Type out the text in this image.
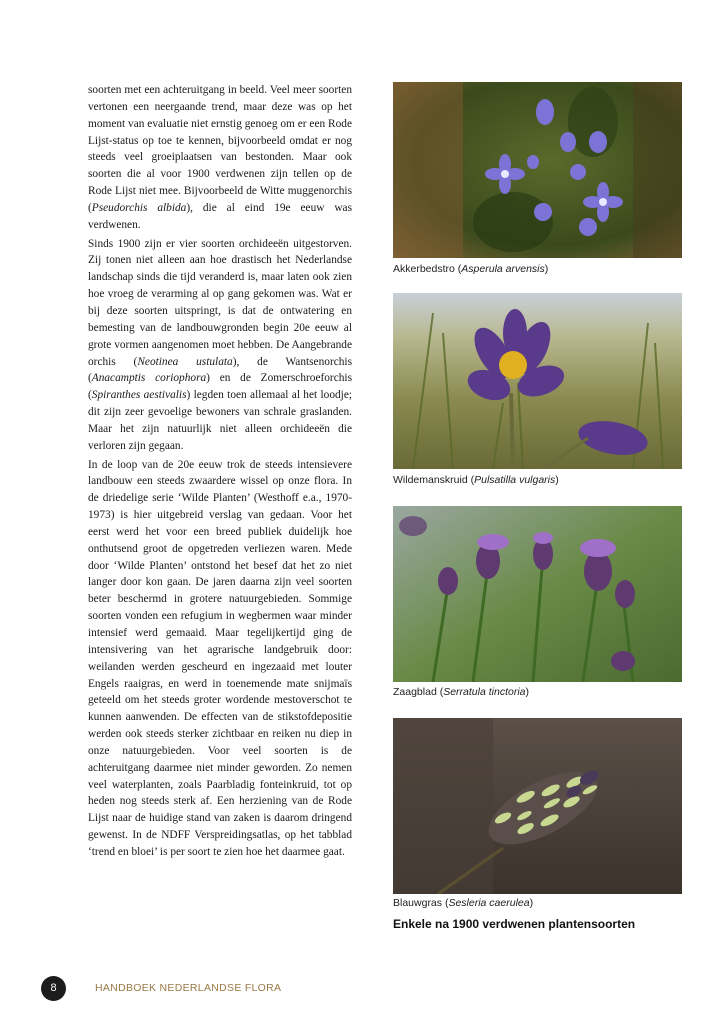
soorten met een achteruitgang in beeld. Veel meer soorten vertonen een neergaande trend, maar deze was op het moment van evaluatie niet ernstig genoeg om er een Rode Lijst-status op toe te kennen, bijvoorbeeld omdat er nog steeds veel groeiplaatsen van bestonden. Maar ook soorten die al voor 1900 verdwenen zijn tellen op de Rode Lijst niet mee. Bijvoorbeeld de Witte muggenorchis (Pseudorchis albida), die al eind 19e eeuw was verdwenen.

Sinds 1900 zijn er vier soorten orchideeën uitgestorven. Zij tonen niet alleen aan hoe drastisch het Nederlandse landschap sinds die tijd veranderd is, maar laten ook zien hoe vroeg de verarming al op gang gekomen was. Wat er bij deze soorten uitspringt, is dat de ontwatering en bemesting van de landbouwgronden begin 20e eeuw al grote vormen aangenomen moet hebben. De Aangebrande orchis (Neotinea ustulata), de Wantsenorchis (Anacamptis coriophora) en de Zomerschroeforchis (Spiranthes aestivalis) legden toen allemaal al het loodje; dit zijn zeer gevoelige bewoners van schrale graslanden. Maar het zijn natuurlijk niet alleen orchideeën die verloren zijn gegaan.

In de loop van de 20e eeuw trok de steeds intensievere landbouw een steeds zwaardere wissel op onze flora. In de driedelige serie ‘Wilde Planten’ (Westhoff e.a., 1970-1973) is hier uitgebreid verslag van gedaan. Voor het eerst werd het voor een breed publiek duidelijk hoe onthutsend groot de opgetreden verliezen waren. Mede door ‘Wilde Planten’ ontstond het besef dat het zo niet langer door kon gaan. De jaren daarna zijn veel soorten beter beschermd in grotere natuurgebieden. Sommige soorten vonden een refugium in wegbermen waar minder intensief werd gemaaid. Maar tegelijkertijd ging de intensivering van het agrarische landgebruik door: weilanden werden gescheurd en ingezaaid met louter Engels raaigras, en werd in toenemende mate snijmaïs geteeld om het steeds groter wordende mestoverschot te kunnen aanwenden. De effecten van de stikstofdepositie werden ook steeds sterker zichtbaar en reiken nu diep in onze natuurgebieden. Voor veel soorten is de achteruitgang daarmee niet minder geworden. Zo nemen veel waterplanten, zoals Paarbladig fonteinkruid, tot op heden nog steeds sterk af. Een herziening van de Rode Lijst naar de huidige stand van zaken is daarom dringend gewenst. In de NDFF Verspreidingsatlas, op het tabblad ‘trend en bloei’ is per soort te zien hoe het daarmee gaat.

Akkerbedstro (Asperula arvensis)
Wildemanskruid (Pulsatilla vulgaris)
Zaagblad (Serratula tinctoria)
Blauwgras (Sesleria caerulea)
Enkele na 1900 verdwenen plantensoorten
8	HANDBOEK NEDERLANDSE FLORA
